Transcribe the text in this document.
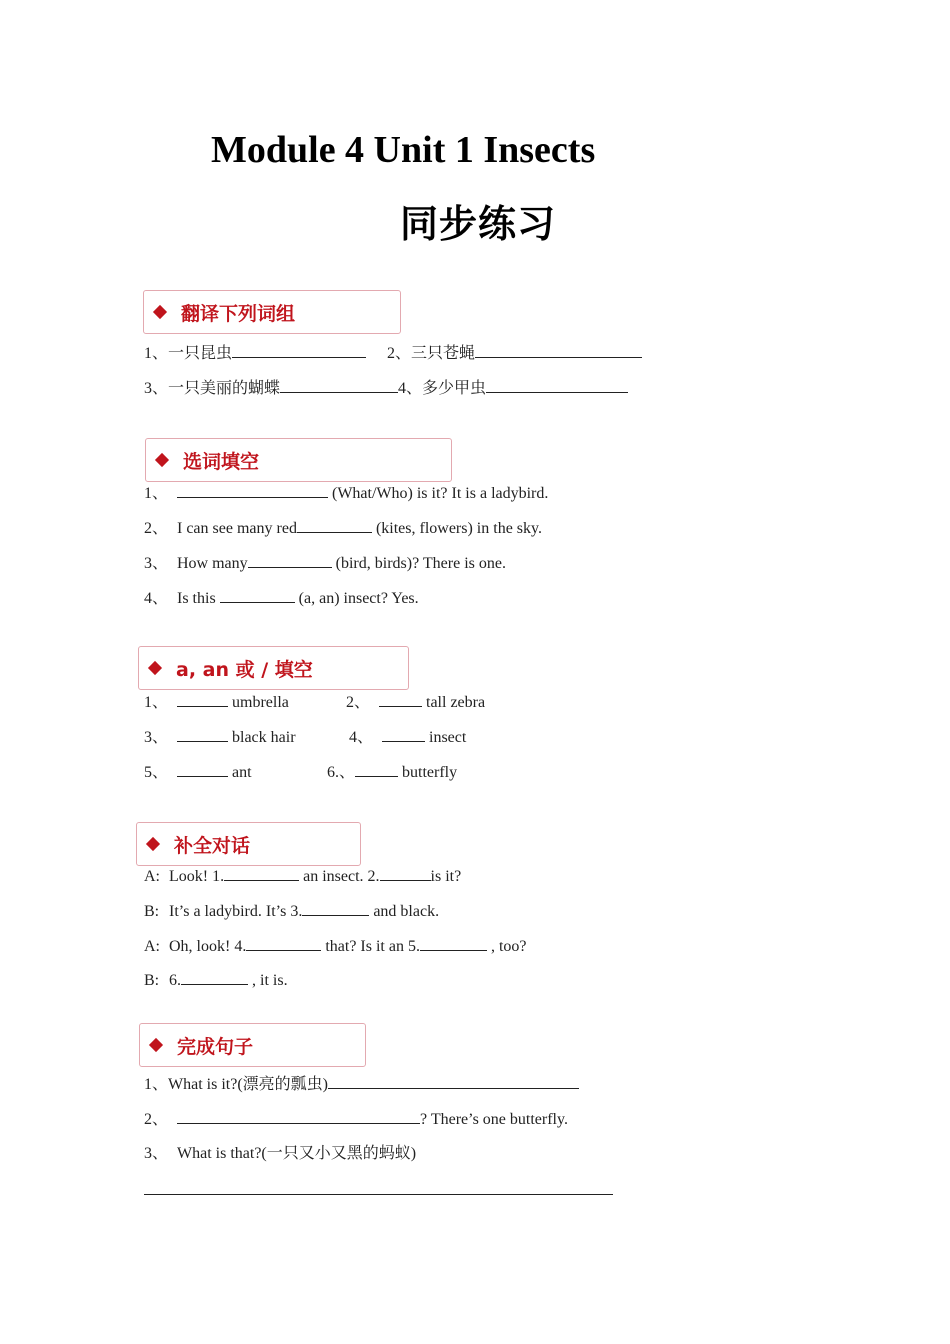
Module 4 Unit 1 Insects
同步练习
翻译下列词组
1、一只昆虫	2、三只苍蝇
3、一只美丽的蝴蝶	4、多少甲虫
选词填空
1、	(What/Who) is it? It is a ladybird.
2、 I can see many red	(kites, flowers) in the sky.
3、 How many	(bird, birds)? There is one.
4、 Is this	(a, an) insect? Yes.
a, an 或 / 填空
1、	umbrella	2、	tall zebra
3、	black hair	4、	insect
5、	ant	6.、	butterfly
补全对话
A: Look! 1.	an insect. 2.	is it?
B: It’s a ladybird. It’s 3.	and black.
A: Oh, look! 4.	that? Is it an 5.	, too?
B: 6.	, it is.
完成句子
1、What is it?(漂亮的瓢虫)
2、	? There’s one butterfly.
3、 What is that?(一只又小又黑的蚂蚁)
